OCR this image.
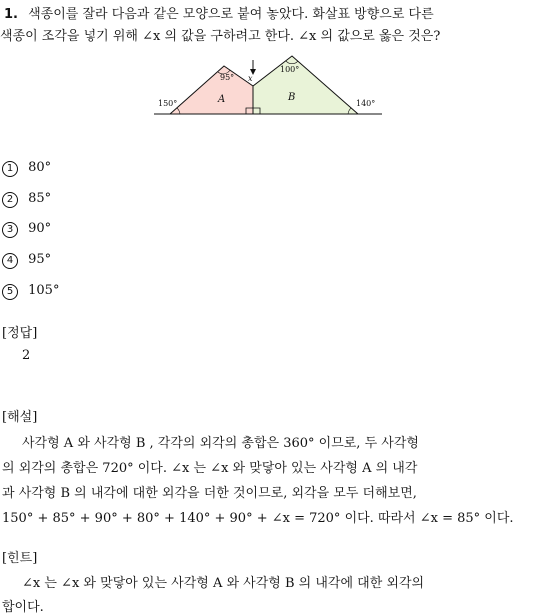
1. 색종이를 잘라 다음과 같은 모양으로 붙여 놓았다. 화살표 방향으로 다른
색종이 조각을 넣기 위해 ∠x 의 값을 구하려고 한다. ∠x 의 값으로 옳은 것은?
150°
95° x
100°
140°
A	B
1 80°
2 85°
3 90°
4 95°
5 105°
[정답]
2
[해설]
사각형 A 와 사각형 B , 각각의 외각의 총합은 360° 이므로, 두 사각형
의 외각의 총합은 720° 이다. ∠x 는 ∠x 와 맞닿아 있는 사각형 A 의 내각
과 사각형 B 의 내각에 대한 외각을 더한 것이므로, 외각을 모두 더해보면,
150° + 85° + 90° + 80° + 140° + 90° + ∠x = 720° 이다. 따라서 ∠x = 85° 이다.
[힌트]
∠x 는 ∠x 와 맞닿아 있는 사각형 A 와 사각형 B 의 내각에 대한 외각의
합이다.
